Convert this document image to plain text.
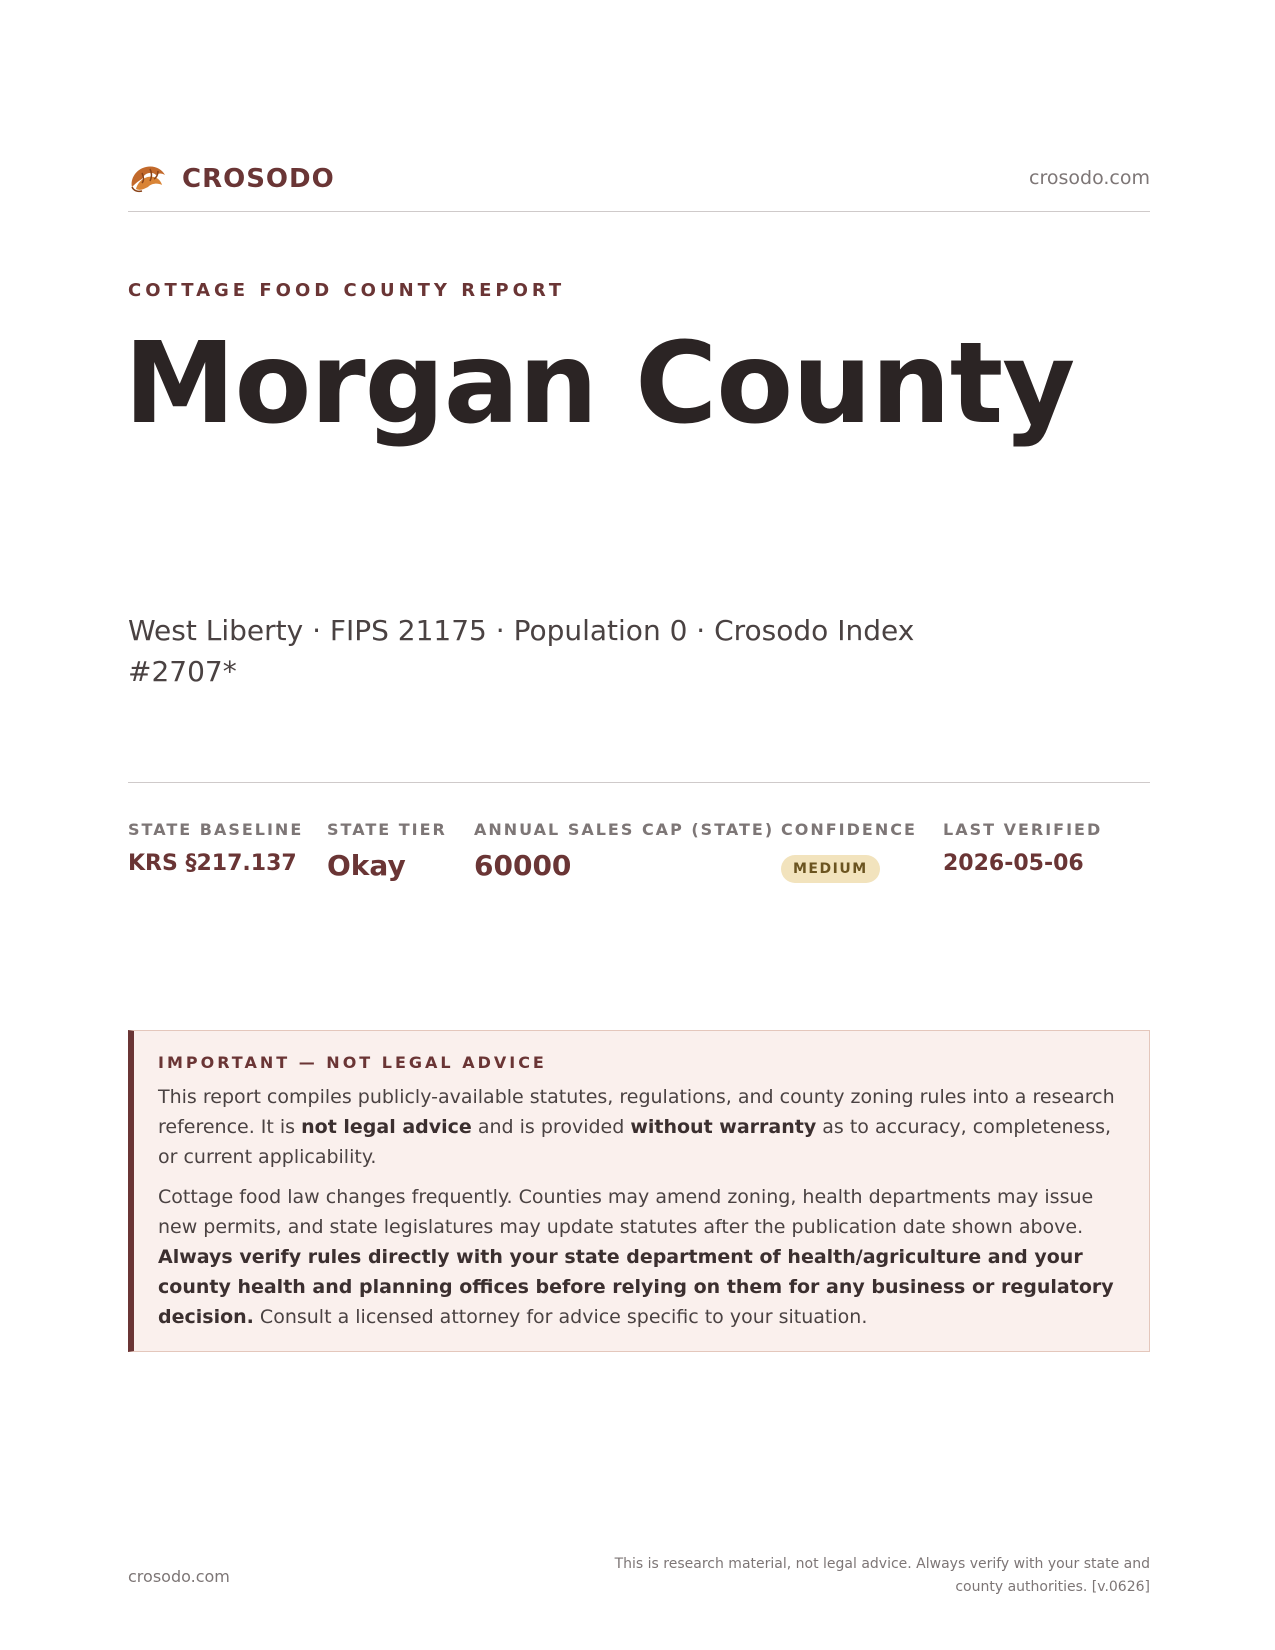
CROSODO	crosodo.com
COTTAGE FOOD COUNTY REPORT
Morgan County
West Liberty · FIPS 21175 · Population 0 · Crosodo Index #2707*
STATE BASELINE
KRS §217.137
STATE TIER
Okay
ANNUAL SALES CAP (STATE)
60000
CONFIDENCE
MEDIUM
LAST VERIFIED
2026-05-06
IMPORTANT — NOT LEGAL ADVICE

This report compiles publicly-available statutes, regulations, and county zoning rules into a research reference. It is not legal advice and is provided without warranty as to accuracy, completeness, or current applicability.

Cottage food law changes frequently. Counties may amend zoning, health departments may issue new permits, and state legislatures may update statutes after the publication date shown above. Always verify rules directly with your state department of health/agriculture and your county health and planning offices before relying on them for any business or regulatory decision. Consult a licensed attorney for advice specific to your situation.

crosodo.com
This is research material, not legal advice. Always verify with your state and county authorities. [v.0626]
